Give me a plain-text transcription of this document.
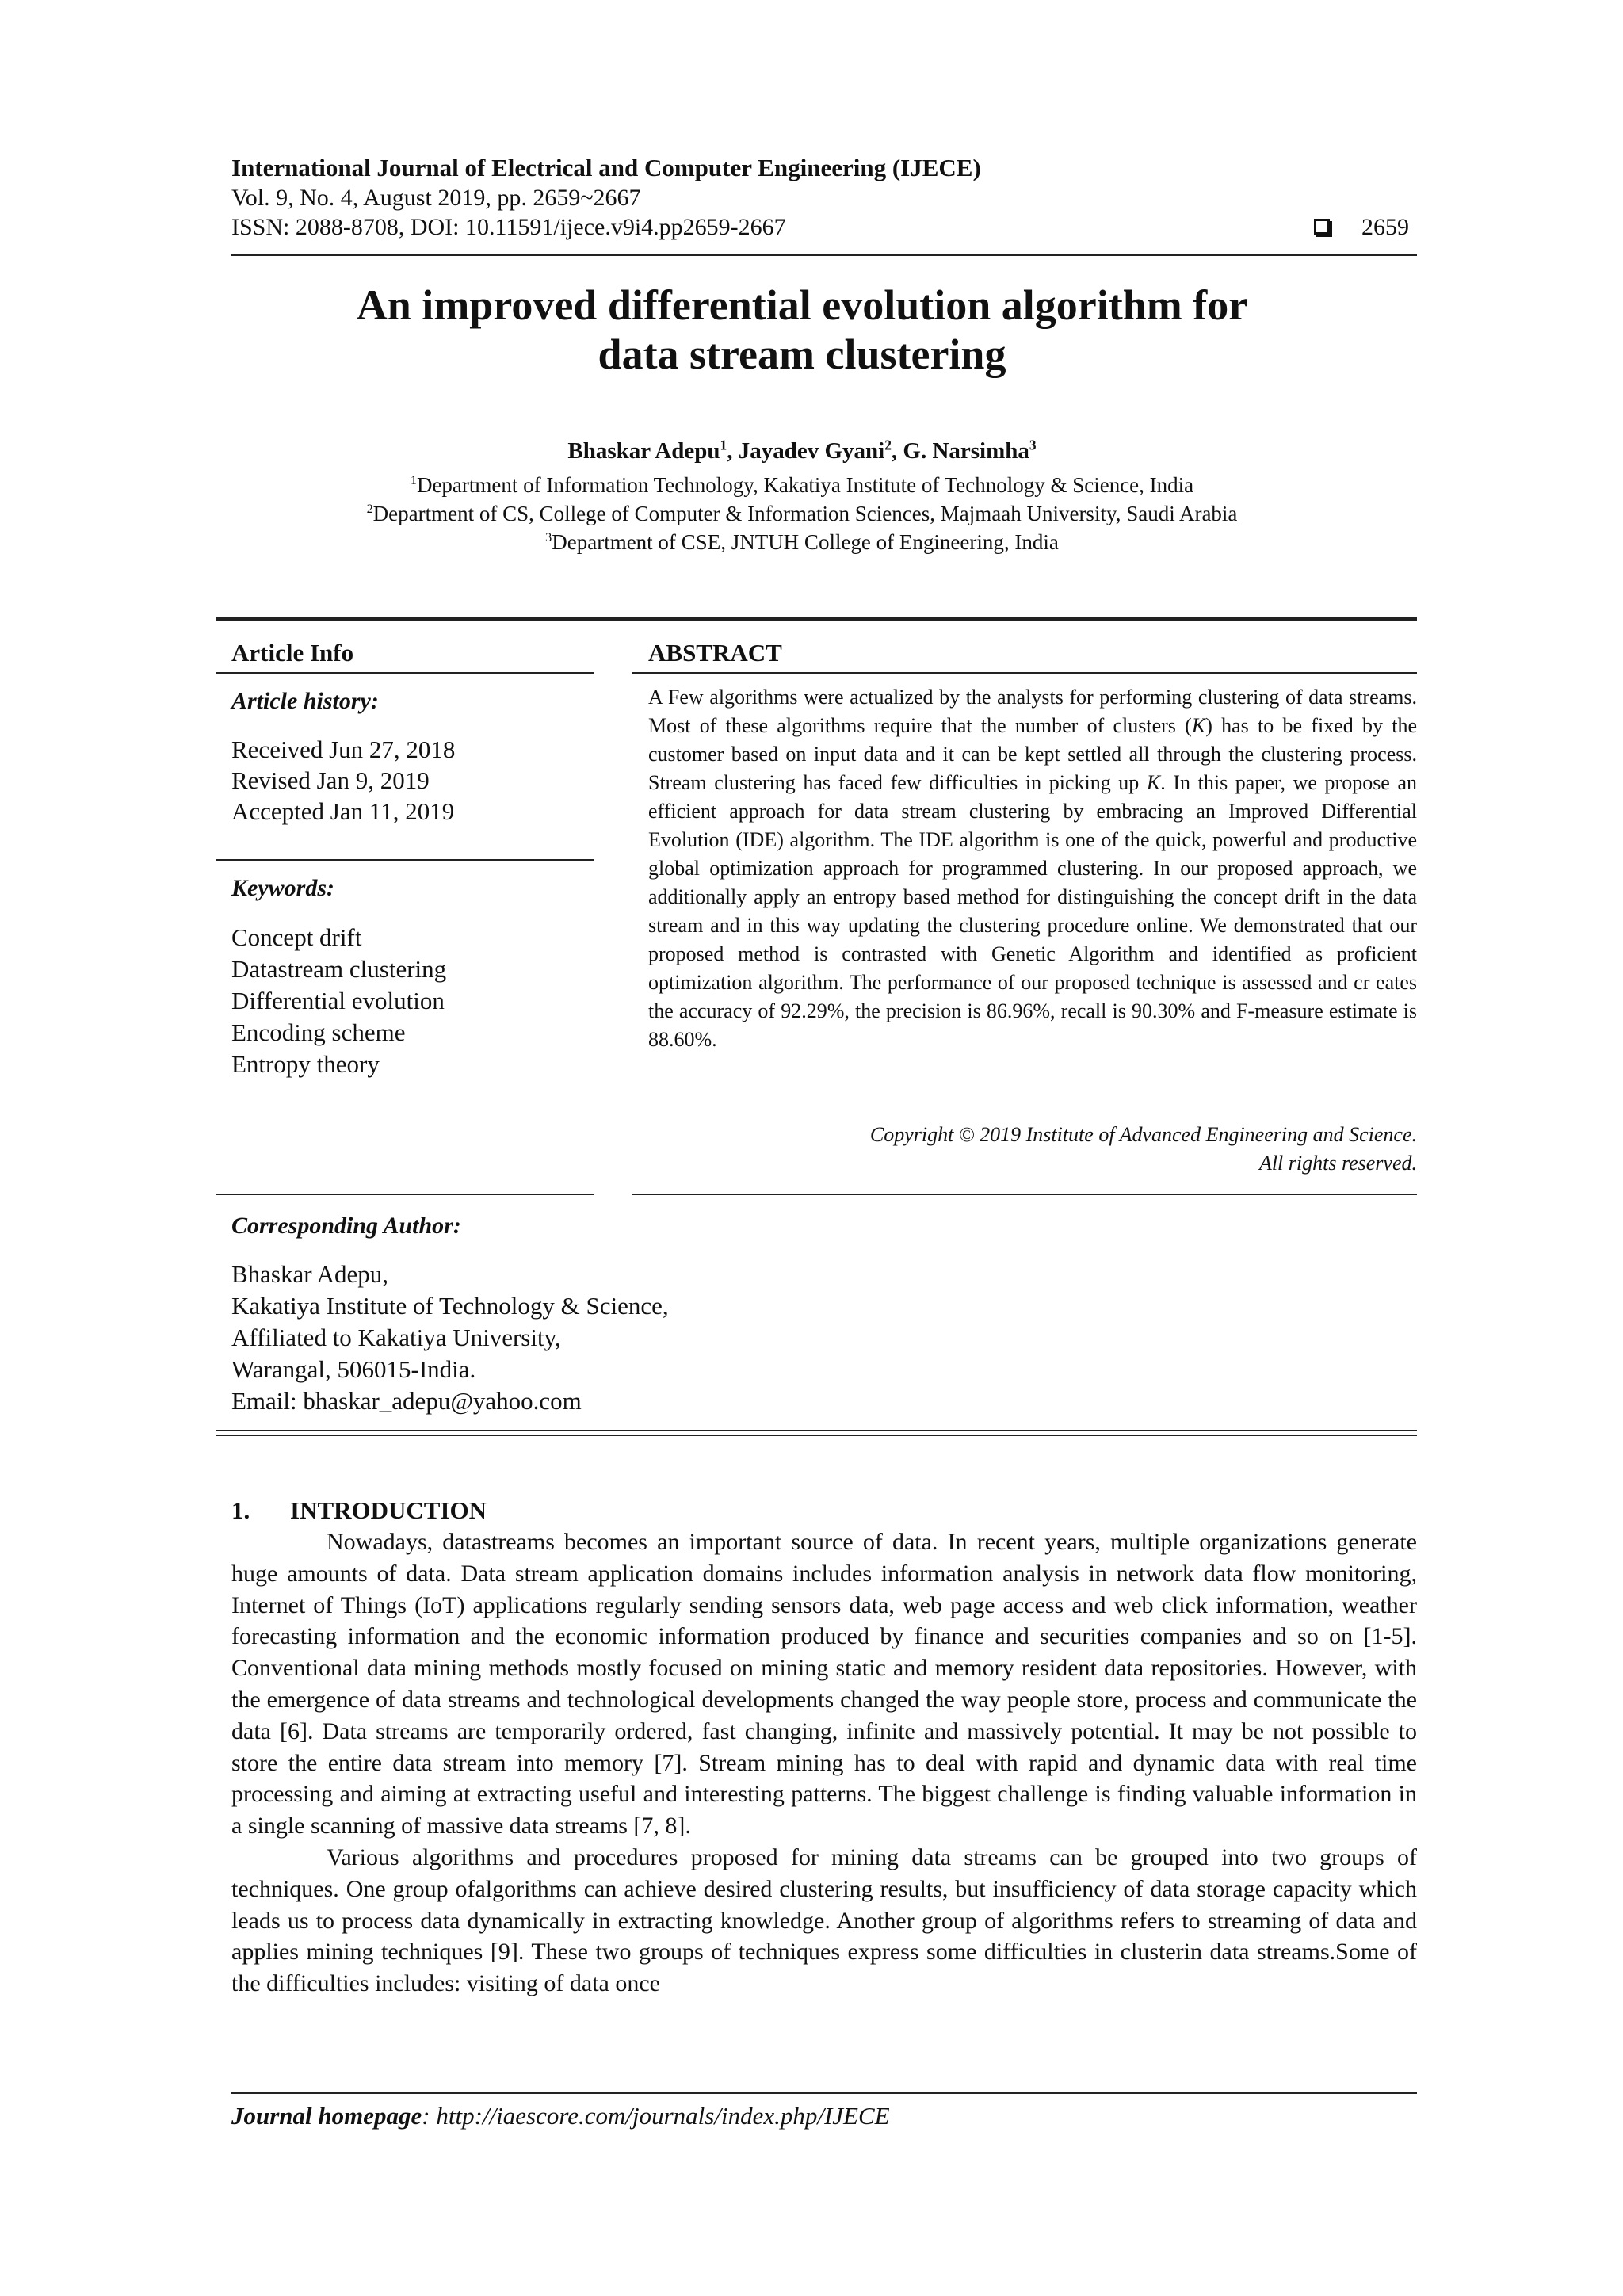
International Journal of Electrical and Computer Engineering (IJECE)
Vol. 9, No. 4, August 2019, pp. 2659~2667
ISSN: 2088-8708, DOI: 10.11591/ijece.v9i4.pp2659-2667	2659
An improved differential evolution algorithm for
data stream clustering
Bhaskar Adepu$^1$, Jayadev Gyani$^2$, G. Narsimha$^3$
$^1$Department of Information Technology, Kakatiya Institute of Technology & Science, India
$^2$Department of CS, College of Computer & Information Sciences, Majmaah University, Saudi Arabia
$^3$Department of CSE, JNTUH College of Engineering, India
Article Info
Article history:
Received Jun 27, 2018
Revised Jan 9, 2019
Accepted Jan 11, 2019
Keywords:
Concept drift
Datastream clustering
Differential evolution
Encoding scheme
Entropy theory
ABSTRACT
A Few algorithms were actualized by the analysts for performing clustering of data streams. Most of these algorithms require that the number of clusters (K) has to be fixed by the customer based on input data and it can be kept settled all through the clustering process. Stream clustering has faced few difficulties in picking up K. In this paper, we propose an efficient approach for data stream clustering by embracing an Improved Differential Evolution (IDE) algorithm. The IDE algorithm is one of the quick, powerful and productive global optimization approach for programmed clustering. In our proposed approach, we additionally apply an entropy based method for distinguishing the concept drift in the data stream and in this way updating the clustering procedure online. We demonstrated that our proposed method is contrasted with Genetic Algorithm and identified as proficient optimization algorithm. The performance of our proposed technique is assessed and cr eates the accuracy of 92.29%, the precision is 86.96%, recall is 90.30% and F-measure estimate is 88.60%.
Copyright © 2019 Institute of Advanced Engineering and Science.
All rights reserved.
Corresponding Author:
Bhaskar Adepu,
Kakatiya Institute of Technology & Science,
Affiliated to Kakatiya University,
Warangal, 506015-India.
Email: bhaskar_adepu@yahoo.com
1. INTRODUCTION

Nowadays, datastreams becomes an important source of data. In recent years, multiple organizations generate huge amounts of data. Data stream application domains includes information analysis in network data flow monitoring, Internet of Things (IoT) applications regularly sending sensors data, web page access and web click information, weather forecasting information and the economic information produced by finance and securities companies and so on [1-5]. Conventional data mining methods mostly focused on mining static and memory resident data repositories. However, with the emergence of data streams and technological developments changed the way people store, process and communicate the data [6]. Data streams are temporarily ordered, fast changing, infinite and massively potential. It may be not possible to store the entire data stream into memory [7]. Stream mining has to deal with rapid and dynamic data with real time processing and aiming at extracting useful and interesting patterns. The biggest challenge is finding valuable information in a single scanning of massive data streams [7, 8].

Various algorithms and procedures proposed for mining data streams can be grouped into two groups of techniques. One group ofalgorithms can achieve desired clustering results, but insufficiency of data storage capacity which leads us to process data dynamically in extracting knowledge. Another group of algorithms refers to streaming of data and applies mining techniques [9]. These two groups of techniques express some difficulties in clusterin data streams.Some of the difficulties includes: visiting of data once

Journal homepage: http://iaescore.com/journals/index.php/IJECE
